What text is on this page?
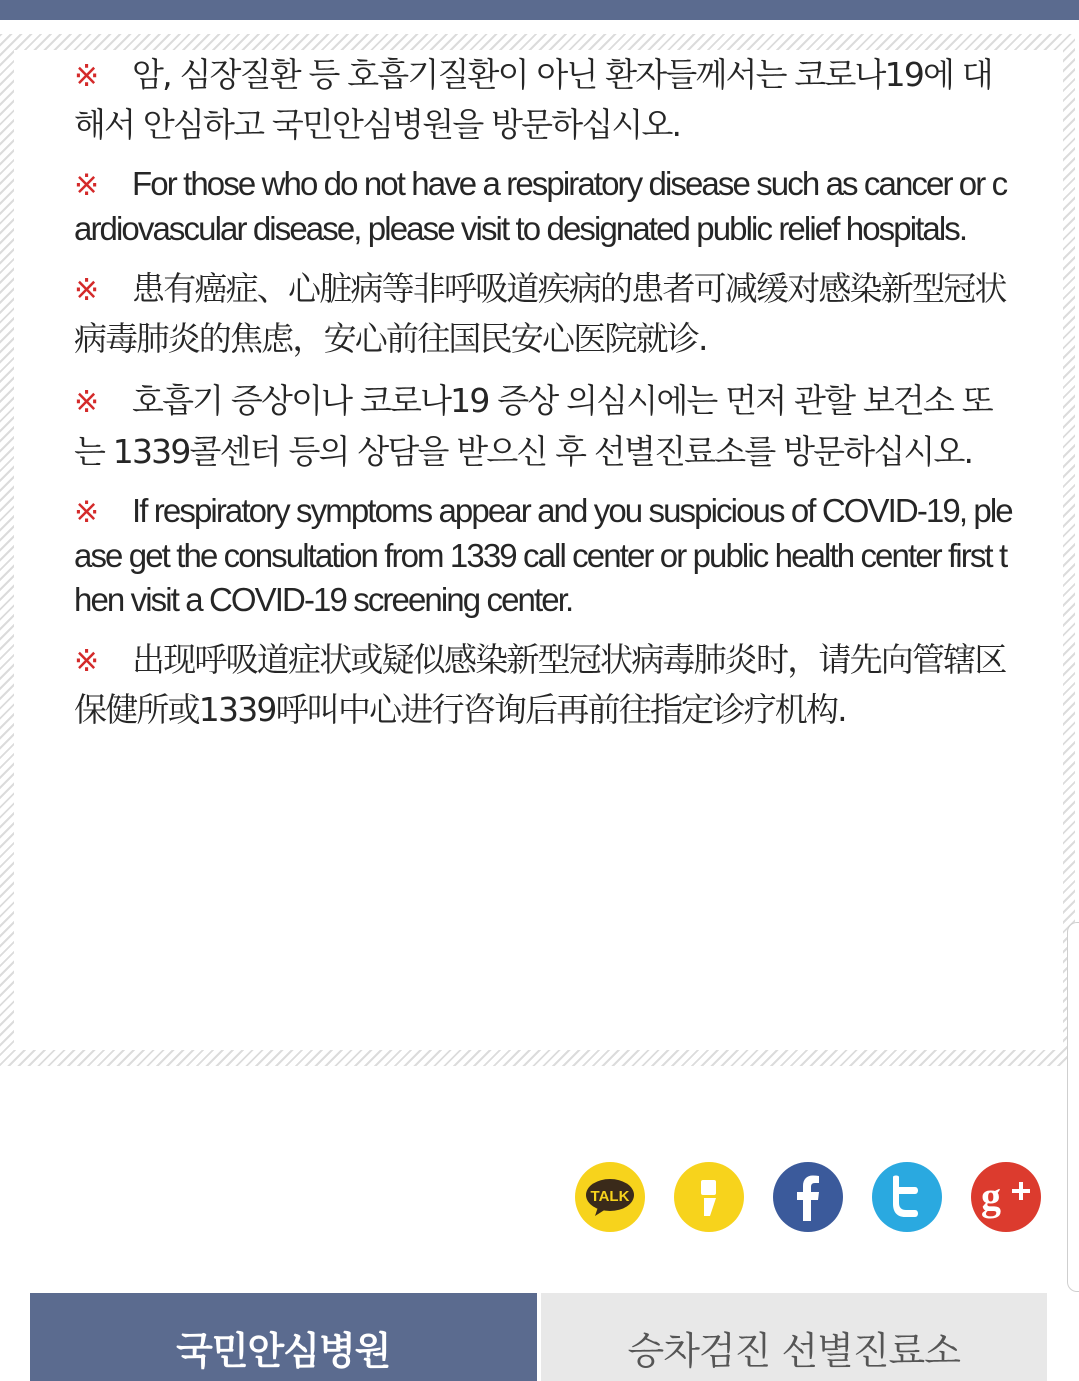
※ 암, 심장질환 등 호흡기질환이 아닌 환자들께서는 코로나19에 대해서 안심하고 국민안심병원을 방문하십시오.
※ For those who do not have a respiratory disease such as cancer or cardiovascular disease, please visit to designated public relief hospitals.
※ 患有癌症、心脏病等非呼吸道疾病的患者可减缓对感染新型冠状病毒肺炎的焦虑，安心前往国民安心医院就诊.
※ 호흡기 증상이나 코로나19 증상 의심시에는 먼저 관할 보건소 또는 1339콜센터 등의 상담을 받으신 후 선별진료소를 방문하십시오.
※ If respiratory symptoms appear and you suspicious of COVID-19, please get the consultation from 1339 call center or public health center first then visit a COVID-19 screening center.
※ 出现呼吸道症状或疑似感染新型冠状病毒肺炎时，请先向管辖区保健所或1339呼叫中心进行咨询后再前往指定诊疗机构.
TALK	g
국민안심병원	승차검진 선별진료소
